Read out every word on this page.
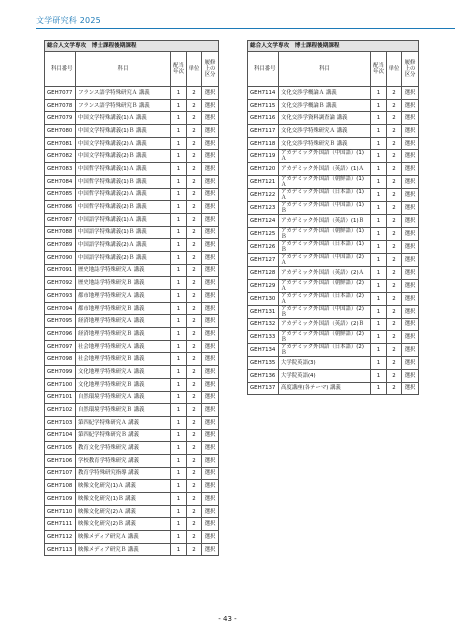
文学研究科 2025
総合人文学専攻　博士課程後期課程				
科目番号	科目	配当年次	単位	履修上の区分
GEH7077	フランス語学特殊研究Ａ 講義	1	2	選択
GEH7078	フランス語学特殊研究Ｂ 講義	1	2	選択
GEH7079	中国文学特殊講義(1)Ａ 講義	1	2	選択
GEH7080	中国文学特殊講義(1)Ｂ 講義	1	2	選択
GEH7081	中国文学特殊講義(2)Ａ 講義	1	2	選択
GEH7082	中国文学特殊講義(2)Ｂ 講義	1	2	選択
GEH7083	中国哲学特殊講義(1)Ａ 講義	1	2	選択
GEH7084	中国哲学特殊講義(1)Ｂ 講義	1	2	選択
GEH7085	中国哲学特殊講義(2)Ａ 講義	1	2	選択
GEH7086	中国哲学特殊講義(2)Ｂ 講義	1	2	選択
GEH7087	中国語学特殊講義(1)Ａ 講義	1	2	選択
GEH7088	中国語学特殊講義(1)Ｂ 講義	1	2	選択
GEH7089	中国語学特殊講義(2)Ａ 講義	1	2	選択
GEH7090	中国語学特殊講義(2)Ｂ 講義	1	2	選択
GEH7091	歴史地誌学特殊研究Ａ 講義	1	2	選択
GEH7092	歴史地誌学特殊研究Ｂ 講義	1	2	選択
GEH7093	都市地理学特殊研究Ａ 講義	1	2	選択
GEH7094	都市地理学特殊研究Ｂ 講義	1	2	選択
GEH7095	経済地理学特殊研究Ａ 講義	1	2	選択
GEH7096	経済地理学特殊研究Ｂ 講義	1	2	選択
GEH7097	社会地理学特殊研究Ａ 講義	1	2	選択
GEH7098	社会地理学特殊研究Ｂ 講義	1	2	選択
GEH7099	文化地理学特殊研究Ａ 講義	1	2	選択
GEH7100	文化地理学特殊研究Ｂ 講義	1	2	選択
GEH7101	自然環境学特殊研究Ａ 講義	1	2	選択
GEH7102	自然環境学特殊研究Ｂ 講義	1	2	選択
GEH7103	第四紀学特殊研究Ａ 講義	1	2	選択
GEH7104	第四紀学特殊研究Ｂ 講義	1	2	選択
GEH7105	教育文化学特殊研究 講義	1	2	選択
GEH7106	学校教育学特殊研究 講義	1	2	選択
GEH7107	教育学特殊研究指導 講義	1	2	選択
GEH7108	映像文化研究(1)Ａ 講義	1	2	選択
GEH7109	映像文化研究(1)Ｂ 講義	1	2	選択
GEH7110	映像文化研究(2)Ａ 講義	1	2	選択
GEH7111	映像文化研究(2)Ｂ 講義	1	2	選択
GEH7112	映像メディア研究Ａ 講義	1	2	選択
GEH7113	映像メディア研究Ｂ 講義	1	2	選択
総合人文学専攻　博士課程後期課程				
科目番号	科目	配当年次	単位	履修上の区分
GEH7114	文化交渉学概論Ａ 講義	1	2	選択
GEH7115	文化交渉学概論Ｂ 講義	1	2	選択
GEH7116	文化交渉学資料調査論 講義	1	2	選択
GEH7117	文化交渉学特殊研究Ａ 講義	1	2	選択
GEH7118	文化交渉学特殊研究Ｂ 講義	1	2	選択
GEH7119	アカデミック外国語（中国語）(1)Ａ	1	2	選択
GEH7120	アカデミック外国語（英語）(1)Ａ	1	2	選択
GEH7121	アカデミック外国語（朝鮮語）(1)Ａ	1	2	選択
GEH7122	アカデミック外国語（日本語）(1)Ａ	1	2	選択
GEH7123	アカデミック外国語（中国語）(1)Ｂ	1	2	選択
GEH7124	アカデミック外国語（英語）(1)Ｂ	1	2	選択
GEH7125	アカデミック外国語（朝鮮語）(1)Ｂ	1	2	選択
GEH7126	アカデミック外国語（日本語）(1)Ｂ	1	2	選択
GEH7127	アカデミック外国語（中国語）(2)Ａ	1	2	選択
GEH7128	アカデミック外国語（英語）(2)Ａ	1	2	選択
GEH7129	アカデミック外国語（朝鮮語）(2)Ａ	1	2	選択
GEH7130	アカデミック外国語（日本語）(2)Ａ	1	2	選択
GEH7131	アカデミック外国語（中国語）(2)Ｂ	1	2	選択
GEH7132	アカデミック外国語（英語）(2)Ｂ	1	2	選択
GEH7133	アカデミック外国語（朝鮮語）(2)Ｂ	1	2	選択
GEH7134	アカデミック外国語（日本語）(2)Ｂ	1	2	選択
GEH7135	大学院英語(3)	1	2	選択
GEH7136	大学院英語(4)	1	2	選択
GEH7137	高度講座(各テーマ) 講義	1	2	選択
- 43 -
